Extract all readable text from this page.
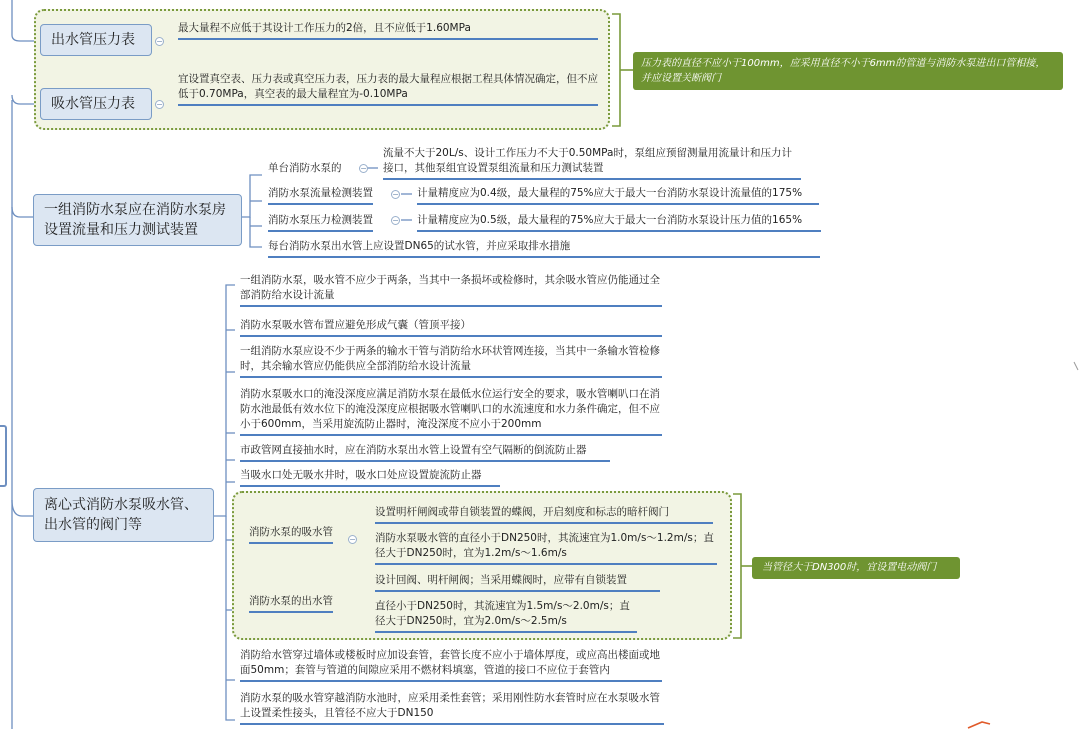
出水管压力表	−
最大量程不应低于其设计工作压力的2倍，且不应低于1.60MPa
吸水管压力表	−
宜设置真空表、压力表或真空压力表，压力表的最大量程应根据工程具体情况确定，但不应低于0.70MPa，真空表的最大量程宜为-0.10MPa
压力表的直径不应小于100mm，应采用直径不小于6mm的管道与消防水泵进出口管相接，并应设置关断阀门
一组消防水泵应在消防水泵房设置流量和压力测试装置
单台消防水泵的 −
流量不大于20L/s、设计工作压力不大于0.50MPa时，泵组应预留测量用流量计和压力计接口，其他泵组宜设置泵组流量和压力测试装置
消防水泵流量检测装置 − 计量精度应为0.4级，最大量程的75%应大于最大一台消防水泵设计流量值的175%
消防水泵压力检测装置 − 计量精度应为0.5级，最大量程的75%应大于最大一台消防水泵设计压力值的165%
每台消防水泵出水管上应设置DN65的试水管，并应采取排水措施
离心式消防水泵吸水管、出水管的阀门等
一组消防水泵，吸水管不应少于两条，当其中一条损坏或检修时，其余吸水管应仍能通过全部消防给水设计流量
消防水泵吸水管布置应避免形成气囊（管顶平接）
一组消防水泵应设不少于两条的输水干管与消防给水环状管网连接，当其中一条输水管检修时，其余输水管应仍能供应全部消防给水设计流量
消防水泵吸水口的淹没深度应满足消防水泵在最低水位运行安全的要求，吸水管喇叭口在消防水池最低有效水位下的淹没深度应根据吸水管喇叭口的水流速度和水力条件确定，但不应小于600mm，当采用旋流防止器时，淹没深度不应小于200mm
市政管网直接抽水时，应在消防水泵出水管上设置有空气隔断的倒流防止器
当吸水口处无吸水井时，吸水口处应设置旋流防止器
消防水泵的吸水管
−
设置明杆闸阀或带自锁装置的蝶阀，开启刻度和标志的暗杆阀门
消防水泵吸水管的直径小于DN250时，其流速宜为1.0m/s～1.2m/s；直径大于DN250时，宜为1.2m/s～1.6m/s
消防水泵的出水管
设计回阀、明杆闸阀；当采用蝶阀时，应带有自锁装置
直径小于DN250时，其流速宜为1.5m/s～2.0m/s；直径大于DN250时，宜为2.0m/s～2.5m/s
当管径大于DN300时，宜设置电动阀门
消防给水管穿过墙体或楼板时应加设套管，套管长度不应小于墙体厚度，或应高出楼面或地面50mm；套管与管道的间隙应采用不燃材料填塞，管道的接口不应位于套管内
消防水泵的吸水管穿越消防水池时，应采用柔性套管；采用刚性防水套管时应在水泵吸水管上设置柔性接头，且管径不应大于DN150
